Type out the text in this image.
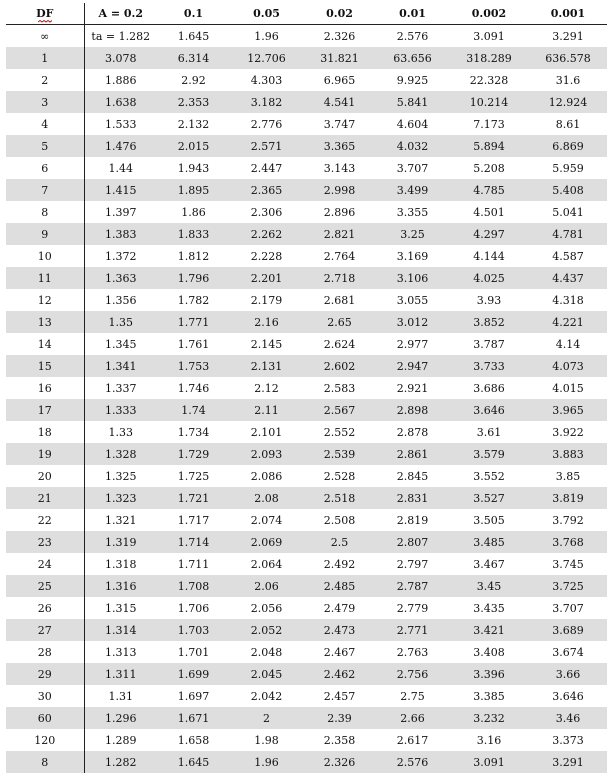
DF	A = 0.2	0.1	0.05	0.02	0.01	0.002	0.001
∞	ta = 1.282	1.645	1.96	2.326	2.576	3.091	3.291
1	3.078	6.314	12.706	31.821	63.656	318.289	636.578
2	1.886	2.92	4.303	6.965	9.925	22.328	31.6
3	1.638	2.353	3.182	4.541	5.841	10.214	12.924
4	1.533	2.132	2.776	3.747	4.604	7.173	8.61
5	1.476	2.015	2.571	3.365	4.032	5.894	6.869
6	1.44	1.943	2.447	3.143	3.707	5.208	5.959
7	1.415	1.895	2.365	2.998	3.499	4.785	5.408
8	1.397	1.86	2.306	2.896	3.355	4.501	5.041
9	1.383	1.833	2.262	2.821	3.25	4.297	4.781
10	1.372	1.812	2.228	2.764	3.169	4.144	4.587
11	1.363	1.796	2.201	2.718	3.106	4.025	4.437
12	1.356	1.782	2.179	2.681	3.055	3.93	4.318
13	1.35	1.771	2.16	2.65	3.012	3.852	4.221
14	1.345	1.761	2.145	2.624	2.977	3.787	4.14
15	1.341	1.753	2.131	2.602	2.947	3.733	4.073
16	1.337	1.746	2.12	2.583	2.921	3.686	4.015
17	1.333	1.74	2.11	2.567	2.898	3.646	3.965
18	1.33	1.734	2.101	2.552	2.878	3.61	3.922
19	1.328	1.729	2.093	2.539	2.861	3.579	3.883
20	1.325	1.725	2.086	2.528	2.845	3.552	3.85
21	1.323	1.721	2.08	2.518	2.831	3.527	3.819
22	1.321	1.717	2.074	2.508	2.819	3.505	3.792
23	1.319	1.714	2.069	2.5	2.807	3.485	3.768
24	1.318	1.711	2.064	2.492	2.797	3.467	3.745
25	1.316	1.708	2.06	2.485	2.787	3.45	3.725
26	1.315	1.706	2.056	2.479	2.779	3.435	3.707
27	1.314	1.703	2.052	2.473	2.771	3.421	3.689
28	1.313	1.701	2.048	2.467	2.763	3.408	3.674
29	1.311	1.699	2.045	2.462	2.756	3.396	3.66
30	1.31	1.697	2.042	2.457	2.75	3.385	3.646
60	1.296	1.671	2	2.39	2.66	3.232	3.46
120	1.289	1.658	1.98	2.358	2.617	3.16	3.373
8	1.282	1.645	1.96	2.326	2.576	3.091	3.291
